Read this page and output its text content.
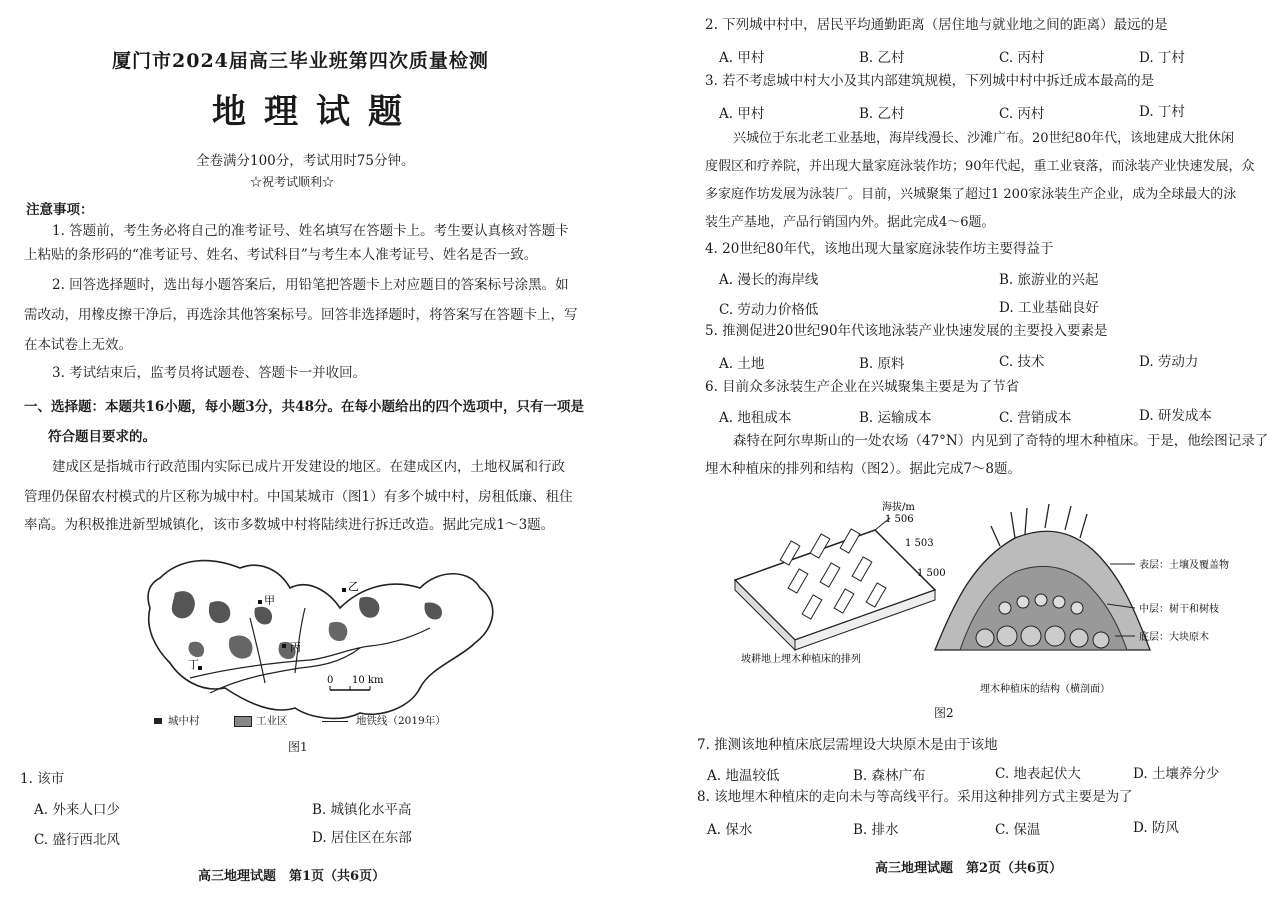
厦门市2024届高三毕业班第四次质量检测
地理试题
全卷满分100分，考试用时75分钟。
☆祝考试顺利☆
注意事项：
1. 答题前，考生务必将自己的准考证号、姓名填写在答题卡上。考生要认真核对答题卡
上粘贴的条形码的“准考证号、姓名、考试科目”与考生本人准考证号、姓名是否一致。
2. 回答选择题时，选出每小题答案后，用铅笔把答题卡上对应题目的答案标号涂黑。如
需改动，用橡皮擦干净后，再选涂其他答案标号。回答非选择题时，将答案写在答题卡上，写
在本试卷上无效。
3. 考试结束后，监考员将试题卷、答题卡一并收回。
一、选择题：本题共16小题，每小题3分，共48分。在每小题给出的四个选项中，只有一项是
符合题目要求的。
建成区是指城市行政范围内实际已成片开发建设的地区。在建成区内，土地权属和行政
管理仍保留农村模式的片区称为城中村。中国某城市（图1）有多个城中村，房租低廉、租住
率高。为积极推进新型城镇化，该市多数城中村将陆续进行拆迁改造。据此完成1～3题。
乙
甲
丙
丁
0 10 km
城中村	工业区	地铁线（2019年）
图1
1. 该市
A. 外来人口少	B. 城镇化水平高
C. 盛行西北风	D. 居住区在东部
高三地理试题　第1页（共6页）
2. 下列城中村中，居民平均通勤距离（居住地与就业地之间的距离）最远的是
A. 甲村	B. 乙村	C. 丙村	D. 丁村
3. 若不考虑城中村大小及其内部建筑规模，下列城中村中拆迁成本最高的是
A. 甲村	B. 乙村	C. 丙村	D. 丁村
兴城位于东北老工业基地，海岸线漫长、沙滩广布。20世纪80年代，该地建成大批休闲
度假区和疗养院，并出现大量家庭泳装作坊；90年代起，重工业衰落，而泳装产业快速发展，众
多家庭作坊发展为泳装厂。目前，兴城聚集了超过1 200家泳装生产企业，成为全球最大的泳
装生产基地，产品行销国内外。据此完成4～6题。
4. 20世纪80年代，该地出现大量家庭泳装作坊主要得益于
A. 漫长的海岸线	B. 旅游业的兴起
C. 劳动力价格低	D. 工业基础良好
5. 推测促进20世纪90年代该地泳装产业快速发展的主要投入要素是
A. 土地	B. 原料	C. 技术	D. 劳动力
6. 目前众多泳装生产企业在兴城聚集主要是为了节省
A. 地租成本	B. 运输成本	C. 营销成本	D. 研发成本
森特在阿尔卑斯山的一处农场（47°N）内见到了奇特的埋木种植床。于是，他绘图记录了
埋木种植床的排列和结构（图2）。据此完成7～8题。
海拔/m
1 506
1 503
1 500
坡耕地上埋木种植床的排列
表层：土壤及覆盖物
中层：树干和树枝
底层：大块原木
埋木种植床的结构（横剖面）
图2
7. 推测该地种植床底层需埋设大块原木是由于该地
A. 地温较低	B. 森林广布	C. 地表起伏大	D. 土壤养分少
8. 该地埋木种植床的走向未与等高线平行。采用这种排列方式主要是为了
A. 保水	B. 排水	C. 保温	D. 防风
高三地理试题　第2页（共6页）
